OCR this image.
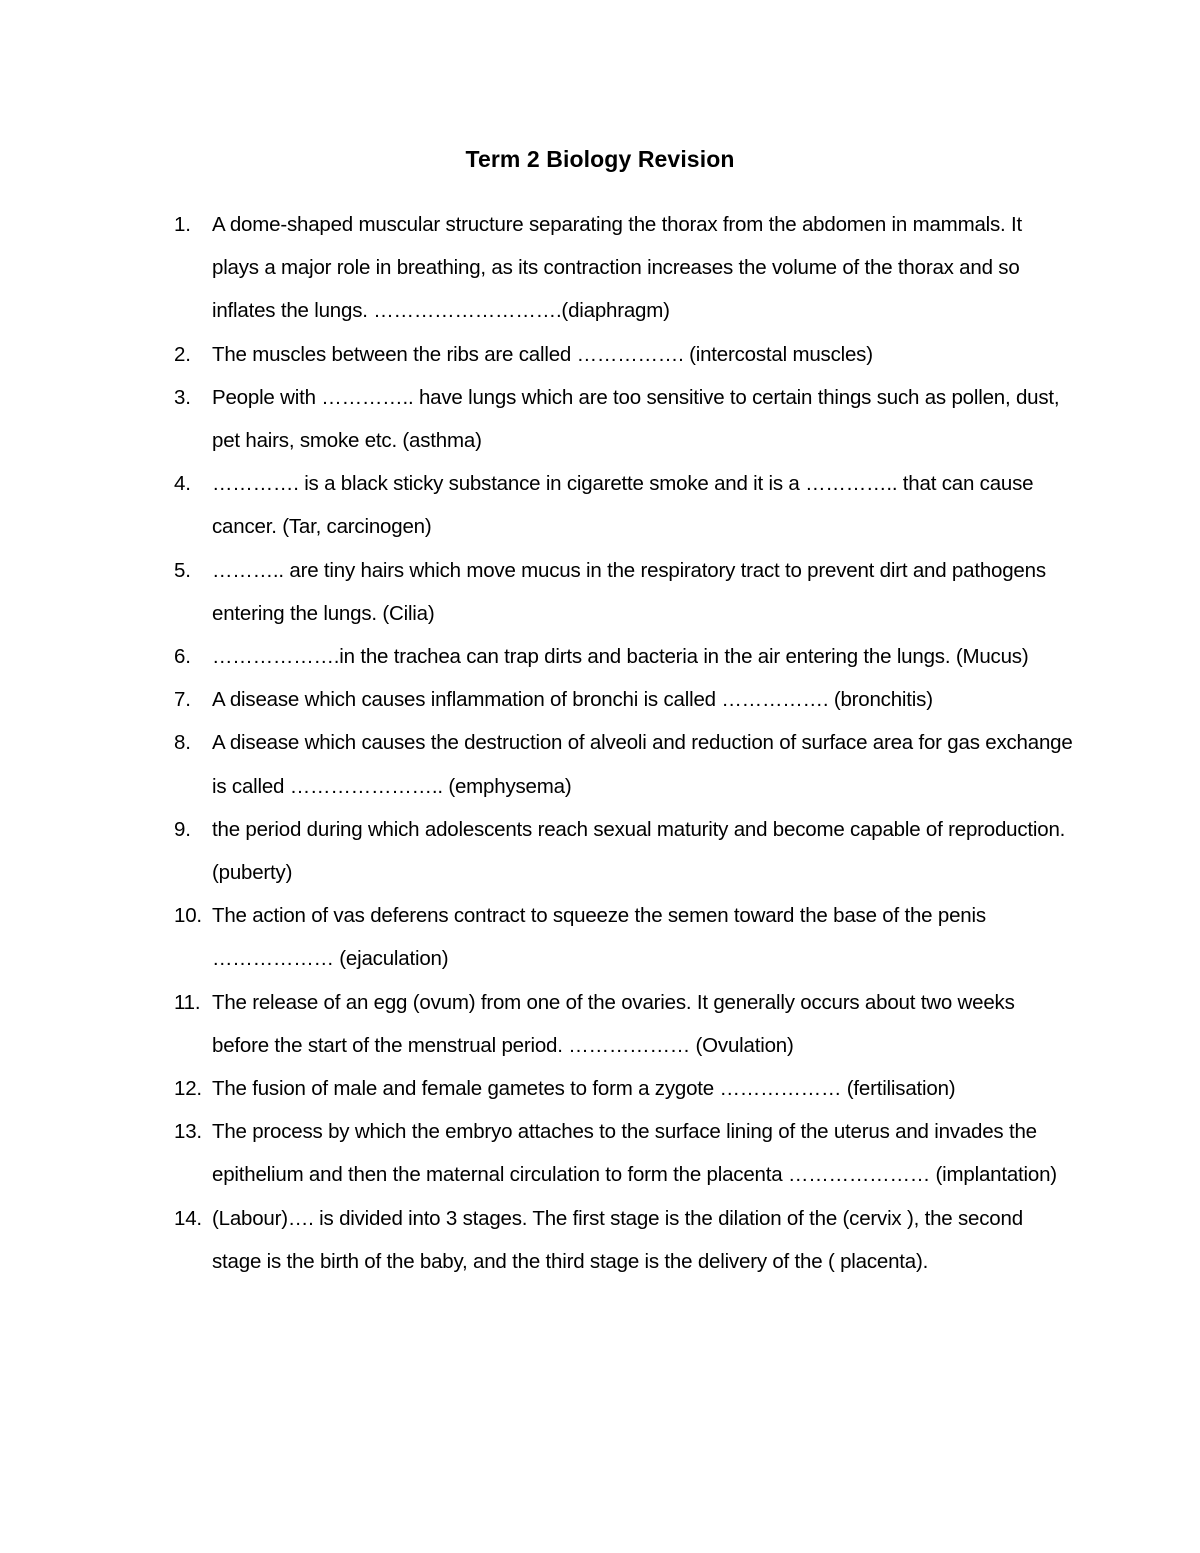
Term 2 Biology Revision
1. A dome-shaped muscular structure separating the thorax from the abdomen in mammals. It plays a major role in breathing, as its contraction increases the volume of the thorax and so inflates the lungs. ……………………….(diaphragm)
2. The muscles between the ribs are called ……………. (intercostal muscles)
3. People with ………….. have lungs which are too sensitive to certain things such as pollen, dust, pet hairs, smoke etc. (asthma)
4. …………. is a black sticky substance in cigarette smoke and it is a ………….. that can cause cancer. (Tar, carcinogen)
5. ……….. are tiny hairs which move mucus in the respiratory tract to prevent dirt and pathogens entering the lungs. (Cilia)
6. ……………….in the trachea can trap dirts and bacteria in the air entering the lungs. (Mucus)
7. A disease which causes inflammation of bronchi is called ……………. (bronchitis)
8. A disease which causes the destruction of alveoli and reduction of surface area for gas exchange is called ………………….. (emphysema)
9. the period during which adolescents reach sexual maturity and become capable of reproduction. (puberty)
10. The action of vas deferens contract to squeeze the semen toward the base of the penis ……………… (ejaculation)
11. The release of an egg (ovum) from one of the ovaries. It generally occurs about two weeks before the start of the menstrual period. ……………… (Ovulation)
12. The fusion of male and female gametes to form a zygote ……………… (fertilisation)
13. The process by which the embryo attaches to the surface lining of the uterus and invades the epithelium and then the maternal circulation to form the placenta ………………… (implantation)
14. (Labour)…. is divided into 3 stages. The first stage is the dilation of the (cervix ), the second stage is the birth of the baby, and the third stage is the delivery of the ( placenta).
